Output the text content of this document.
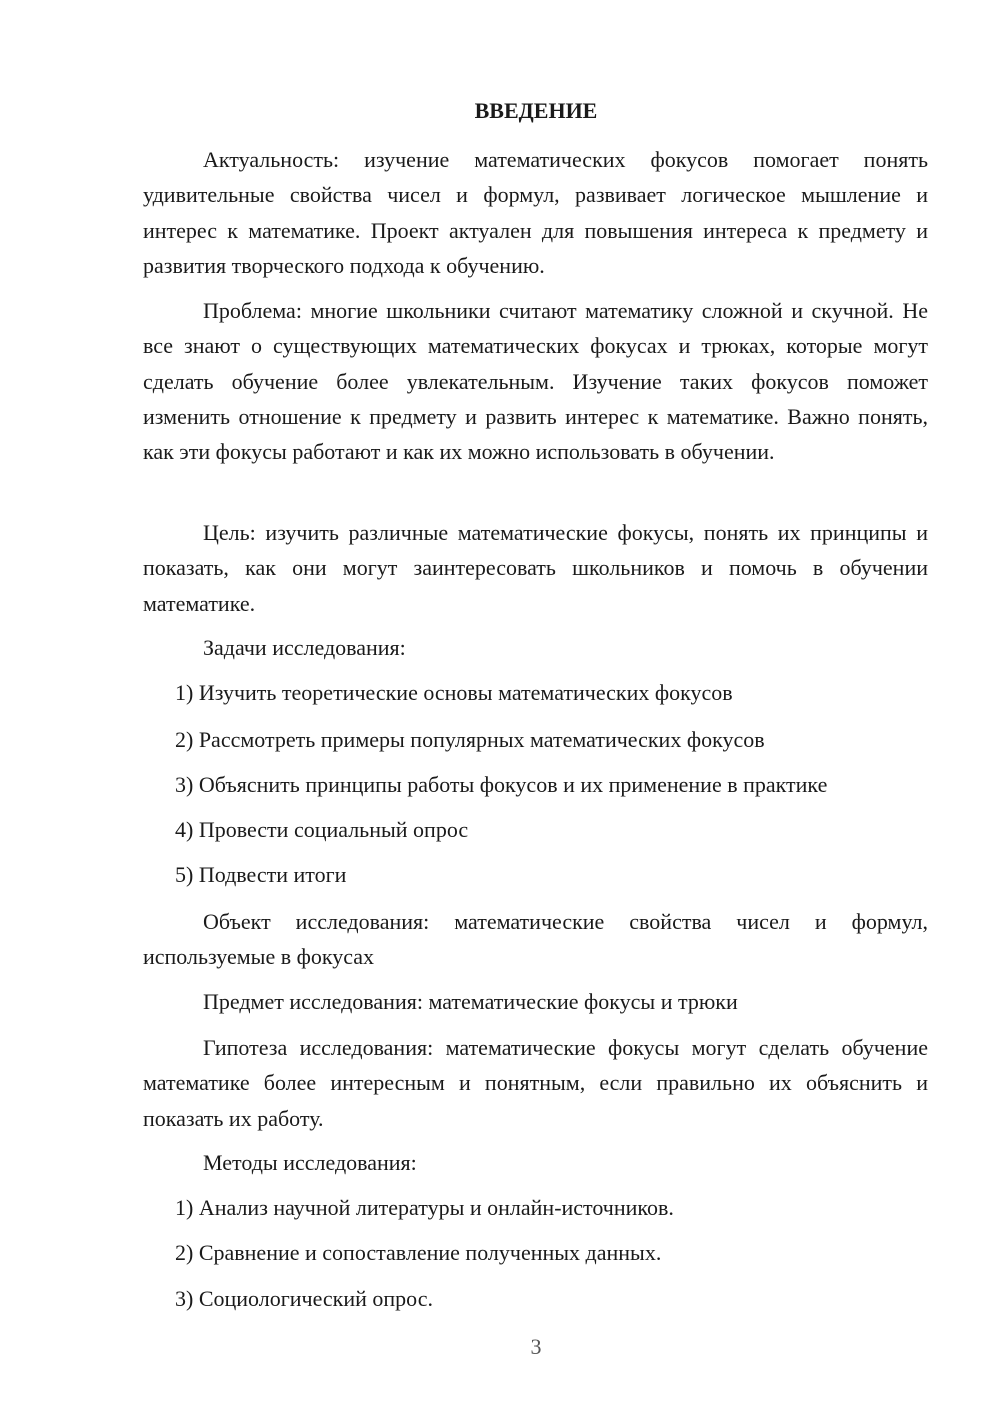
ВВЕДЕНИЕ

Актуальность: изучение математических фокусов помогает понять удивительные свойства чисел и формул, развивает логическое мышление и интерес к математике. Проект актуален для повышения интереса к предмету и развития творческого подхода к обучению.

Проблема: многие школьники считают математику сложной и скучной. Не все знают о существующих математических фокусах и трюках, которые могут сделать обучение более увлекательным. Изучение таких фокусов поможет изменить отношение к предмету и развить интерес к математике. Важно понять, как эти фокусы работают и как их можно использовать в обучении.

Цель: изучить различные математические фокусы, понять их принципы и показать, как они могут заинтересовать школьников и помочь в обучении математике.

Задачи исследования:
1) Изучить теоретические основы математических фокусов
2) Рассмотреть примеры популярных математических фокусов
3) Объяснить принципы работы фокусов и их применение в практике
4) Провести социальный опрос
5) Подвести итоги

Объект исследования: математические свойства чисел и формул, используемые в фокусах

Предмет исследования: математические фокусы и трюки

Гипотеза исследования: математические фокусы могут сделать обучение математике более интересным и понятным, если правильно их объяснить и показать их работу.

Методы исследования:
1) Анализ научной литературы и онлайн-источников.
2) Сравнение и сопоставление полученных данных.
3) Социологический опрос.
3
